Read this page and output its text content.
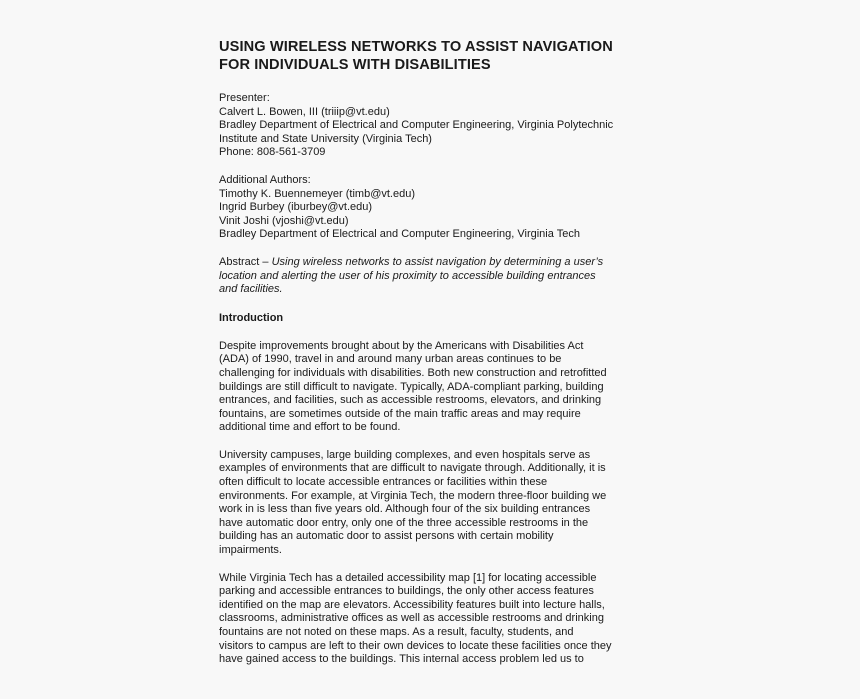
USING WIRELESS NETWORKS TO ASSIST NAVIGATION
FOR INDIVIDUALS WITH DISABILITIES
Presenter:
Calvert L. Bowen, III (triiip@vt.edu)
Bradley Department of Electrical and Computer Engineering, Virginia Polytechnic
Institute and State University (Virginia Tech)
Phone: 808-561-3709
Additional Authors:
Timothy K. Buennemeyer (timb@vt.edu)
Ingrid Burbey (iburbey@vt.edu)
Vinit Joshi (vjoshi@vt.edu)
Bradley Department of Electrical and Computer Engineering, Virginia Tech
Abstract – Using wireless networks to assist navigation by determining a user’s
location and alerting the user of his proximity to accessible building entrances
and facilities.
Introduction
Despite improvements brought about by the Americans with Disabilities Act
(ADA) of 1990, travel in and around many urban areas continues to be
challenging for individuals with disabilities. Both new construction and retrofitted
buildings are still difficult to navigate. Typically, ADA-compliant parking, building
entrances, and facilities, such as accessible restrooms, elevators, and drinking
fountains, are sometimes outside of the main traffic areas and may require
additional time and effort to be found.
University campuses, large building complexes, and even hospitals serve as
examples of environments that are difficult to navigate through. Additionally, it is
often difficult to locate accessible entrances or facilities within these
environments. For example, at Virginia Tech, the modern three-floor building we
work in is less than five years old. Although four of the six building entrances
have automatic door entry, only one of the three accessible restrooms in the
building has an automatic door to assist persons with certain mobility
impairments.
While Virginia Tech has a detailed accessibility map [1] for locating accessible
parking and accessible entrances to buildings, the only other access features
identified on the map are elevators. Accessibility features built into lecture halls,
classrooms, administrative offices as well as accessible restrooms and drinking
fountains are not noted on these maps. As a result, faculty, students, and
visitors to campus are left to their own devices to locate these facilities once they
have gained access to the buildings. This internal access problem led us to
